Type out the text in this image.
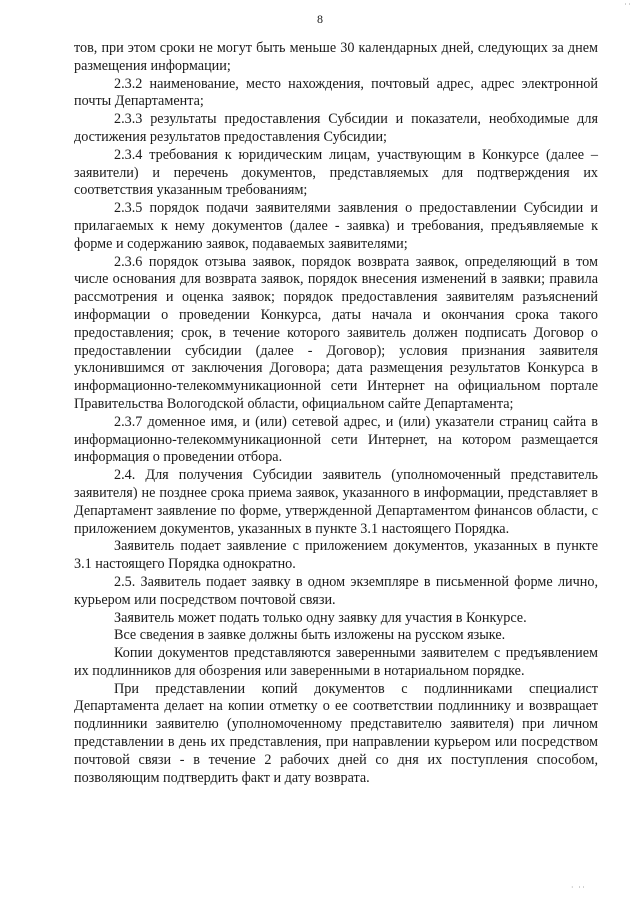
˙˙
8

тов, при этом сроки не могут быть меньше 30 календарных дней, следующих за днем размещения информации;

2.3.2 наименование, место нахождения, почтовый адрес, адрес электронной почты Департамента;

2.3.3 результаты предоставления Субсидии и показатели, необходимые для достижения результатов предоставления Субсидии;

2.3.4 требования к юридическим лицам, участвующим в Конкурсе (далее – заявители) и перечень документов, представляемых для подтверждения их соответствия указанным требованиям;

2.3.5 порядок подачи заявителями заявления о предоставлении Субсидии и прилагаемых к нему документов (далее - заявка) и требования, предъявляемые к форме и содержанию заявок, подаваемых заявителями;

2.3.6 порядок отзыва заявок, порядок возврата заявок, определяющий в том числе основания для возврата заявок, порядок внесения изменений в заявки; правила рассмотрения и оценка заявок; порядок предоставления заявителям разъяснений информации о проведении Конкурса, даты начала и окончания срока такого предоставления; срок, в течение которого заявитель должен подписать Договор о предоставлении субсидии (далее - Договор); условия признания заявителя уклонившимся от заключения Договора; дата размещения результатов Конкурса в информационно-телекоммуникационной сети Интернет на официальном портале Правительства Вологодской области, официальном сайте Департамента;

2.3.7 доменное имя, и (или) сетевой адрес, и (или) указатели страниц сайта в информационно-телекоммуникационной сети Интернет, на котором размещается информация о проведении отбора.

2.4. Для получения Субсидии заявитель (уполномоченный представитель заявителя) не позднее срока приема заявок, указанного в информации, представляет в Департамент заявление по форме, утвержденной Департаментом финансов области, с приложением документов, указанных в пункте 3.1 настоящего Порядка.

Заявитель подает заявление с приложением документов, указанных в пункте 3.1 настоящего Порядка однократно.

2.5. Заявитель подает заявку в одном экземпляре в письменной форме лично, курьером или посредством почтовой связи.

Заявитель может подать только одну заявку для участия в Конкурсе.

Все сведения в заявке должны быть изложены на русском языке.

Копии документов представляются заверенными заявителем с предъявлением их подлинников для обозрения или заверенными в нотариальном порядке.

При представлении копий документов с подлинниками специалист Департамента делает на копии отметку о ее соответствии подлиннику и возвращает подлинники заявителю (уполномоченному представителю заявителя) при личном представлении в день их представления, при направлении курьером или посредством почтовой связи - в течение 2 рабочих дней со дня их поступления способом, позволяющим подтвердить факт и дату возврата.

˙ ˙˙
